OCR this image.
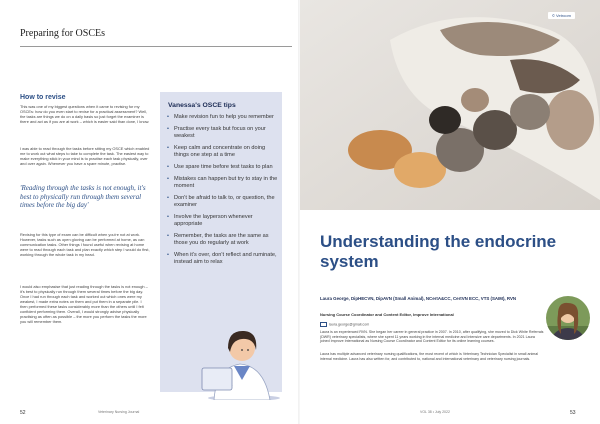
Preparing for OSCEs
How to revise
This was one of my biggest questions when it came to revising for my OSCEs: how do you even start to revise for a practical assessment? Well, the tasks are things we do on a daily basis so just forget the examiner is there and act as if you are at work – which is easier said than done, I know.
I was able to read through the tasks before sitting my OSCE which enabled me to work out what steps to take to complete the task. The easiest way to make everything stick in your mind is to practise each task physically, over and over again. Whenever you have a spare minute, practise.
'Reading through the tasks is not enough, it's best to physically run through them several times before the big day'
Revising for this type of exam can be difficult when you're not at work. However, tasks such as open gloving can be performed at home, as can communication tasks. Other things I found useful when revising at home were to read through each task and plan exactly which step I would do first, working through the whole task in my head.
I would also emphasise that just reading through the tasks is not enough – it's best to physically run through them several times before the big day. Once I had run through each task and worked out which ones were my weakest, I made extra notes on them and put them in a separate pile. I then performed these tasks considerably more than the others until I felt confident performing them. Overall, I would strongly advise physically practising as often as possible – the more you perform the tasks the more you will remember them.
Vanessa's OSCE tips
• Make revision fun to help you remember
• Practise every task but focus on your weakest
• Keep calm and concentrate on doing things one step at a time
• Use spare time before test tasks to plan
• Mistakes can happen but try to stay in the moment
• Don't be afraid to talk to, or question, the examiner
• Involve the layperson whenever appropriate
• Remember, the tasks are the same as those you do regularly at work
• When it's over, don't reflect and ruminate, instead aim to relax
52	Veterinary Nursing Journal
© Vetroom
Understanding the endocrine system
Laura George, DipHECVN, DipAVN (Small Animal), NCertA&CC, CertVN ECC, VTS (SAIM), RVN
Nursing Course Coordinator and Content Editor, Improve International
laura.george@gmail.com
Laura is an experienced RVN. She began her career in general practice in 2007. In 2010, after qualifying, she moved to Dick White Referrals (DWR) veterinary specialists, where she spent 11 years working in the internal medicine and intensive care departments. In 2021 Laura joined Improve International as Nursing Course Coordinator and Content Editor for its online learning courses.
Laura has multiple advanced veterinary nursing qualifications, the most recent of which is Veterinary Technician Specialist in small animal internal medicine. Laura has also written for, and contributed to, national and international veterinary and veterinary nursing journals.
VOL 38 • July 2022	53
